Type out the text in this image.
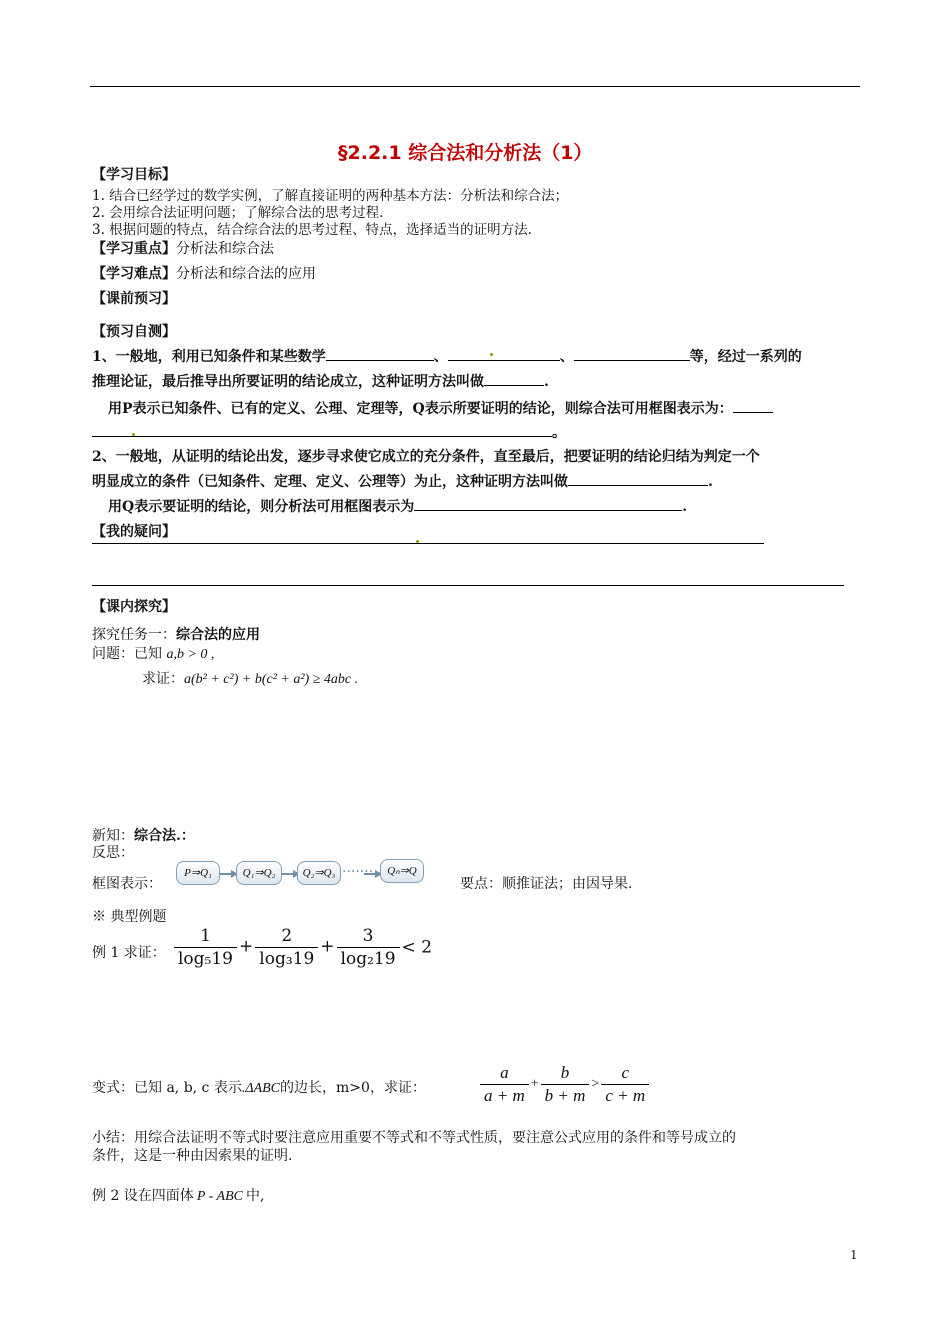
§2.2.1 综合法和分析法（1）
【学习目标】
1. 结合已经学过的数学实例，了解直接证明的两种基本方法：分析法和综合法；
2. 会用综合法证明问题；了解综合法的思考过程.
3. 根据问题的特点，结合综合法的思考过程、特点，选择适当的证明方法.
【学习重点】分析法和综合法
【学习难点】分析法和综合法的应用
【课前预习】
【预习自测】
1、一般地，利用已知条件和某些数学	、	、	等，经过一系列的
推理论证，最后推导出所要证明的结论成立，这种证明方法叫做	.
用P表示已知条件、已有的定义、公理、定理等，Q表示所要证明的结论，则综合法可用框图表示为：
。
2、一般地，从证明的结论出发，逐步寻求使它成立的充分条件，直至最后，把要证明的结论归结为判定一个
明显成立的条件（已知条件、定理、定义、公理等）为止，这种证明方法叫做	.
用Q表示要证明的结论，则分析法可用框图表示为	.
【我的疑问】
【课内探究】
探究任务一：综合法的应用
问题：已知 a,b > 0 ,
求证：a(b² + c²) + b(c² + a²) ≥ 4abc .
新知：综合法.：
反思：
框图表示：
P⇒Q₁	Q₁⇒Q₂	Q₂⇒Q₃ ·······	Qₙ⇒Q
要点：顺推证法；由因导果.
※ 典型例题
例 1 求证： $\frac{1}{\text{log₅19}} + \frac{2}{\text{log₃19}} + \frac{3}{\text{log₂19}} < 2$
变式：已知 a, b, c 表示.ΔABC的边长，m>0，求证：	$\frac{a}{a + m} + \frac{b}{b + m} > \frac{c}{c + m}$
小结：用综合法证明不等式时要注意应用重要不等式和不等式性质，要注意公式应用的条件和等号成立的
条件，这是一种由因索果的证明.
例 2 设在四面体 P - ABC 中,
1
